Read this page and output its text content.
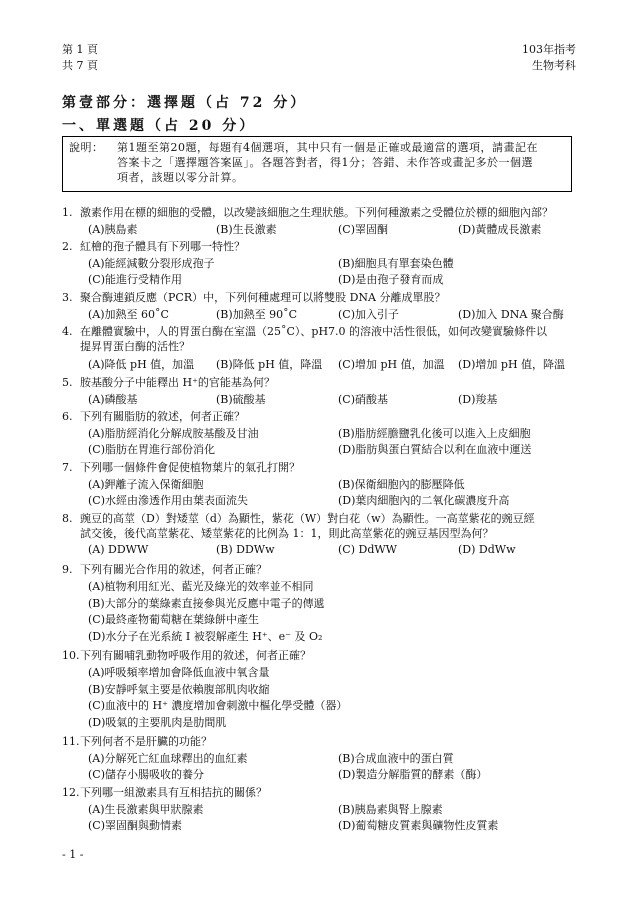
第 1 頁
共 7 頁
103年指考
生物考科
第壹部分：選擇題（占 72 分）
一、單選題（占 20 分）
說明： 第1題至第20題，每題有4個選項，其中只有一個是正確或最適當的選項，請畫記在
答案卡之「選擇題答案區」。各題答對者，得1分；答錯、未作答或畫記多於一個選
項者，該題以零分計算。
1. 激素作用在標的細胞的受體，以改變該細胞之生理狀態。下列何種激素之受體位於標的細胞內部？
(A)胰島素	(B)生長激素	(C)睪固酮	(D)黃體成長激素
2. 紅檜的孢子體具有下列哪一特性？
(A)能經減數分裂形成孢子	(B)細胞具有單套染色體
(C)能進行受精作用	(D)是由孢子發育而成
3. 聚合酶連鎖反應（PCR）中，下列何種處理可以將雙股 DNA 分離成單股？
(A)加熱至 60˚C	(B)加熱至 90˚C	(C)加入引子	(D)加入 DNA 聚合酶
4. 在離體實驗中，人的胃蛋白酶在室溫（25˚C）、pH7.0 的溶液中活性很低，如何改變實驗條件以
提昇胃蛋白酶的活性？
(A)降低 pH 值，加溫 (B)降低 pH 值，降溫 (C)增加 pH 值，加溫 (D)增加 pH 值，降溫
5. 胺基酸分子中能釋出 H⁺的官能基為何？
(A)磷酸基	(B)硫酸基	(C)硝酸基	(D)羧基
6. 下列有關脂肪的敘述，何者正確？
(A)脂肪經消化分解成胺基酸及甘油	(B)脂肪經膽鹽乳化後可以進入上皮細胞
(C)脂肪在胃進行部份消化	(D)脂肪與蛋白質結合以利在血液中運送
7. 下列哪一個條件會促使植物葉片的氣孔打開？
(A)鉀離子流入保衛細胞	(B)保衛細胞內的膨壓降低
(C)水經由滲透作用由葉表面流失	(D)葉肉細胞內的二氧化碳濃度升高
8. 豌豆的高莖（D）對矮莖（d）為顯性，紫花（W）對白花（w）為顯性。一高莖紫花的豌豆經
試交後，後代高莖紫花、矮莖紫花的比例為 1：1，則此高莖紫花的豌豆基因型為何？
(A) DDWW	(B) DDWw	(C) DdWW	(D) DdWw
9. 下列有關光合作用的敘述，何者正確？
(A)植物利用紅光、藍光及綠光的效率並不相同
(B)大部分的葉綠素直接參與光反應中電子的傳遞
(C)最終產物葡萄糖在葉綠餅中產生
(D)水分子在光系統 I 被裂解產生 H⁺、e⁻ 及 O₂
10. 下列有關哺乳動物呼吸作用的敘述，何者正確？
(A)呼吸頻率增加會降低血液中氧含量
(B)安靜呼氣主要是依賴腹部肌肉收縮
(C)血液中的 H⁺ 濃度增加會刺激中樞化學受體（器）
(D)吸氣的主要肌肉是肋間肌
11. 下列何者不是肝臟的功能？
(A)分解死亡紅血球釋出的血紅素	(B)合成血液中的蛋白質
(C)儲存小腸吸收的養分	(D)製造分解脂質的酵素（酶）
12. 下列哪一組激素具有互相拮抗的關係？
(A)生長激素與甲狀腺素	(B)胰島素與腎上腺素
(C)睪固酮與動情素	(D)葡萄糖皮質素與礦物性皮質素
- 1 -
